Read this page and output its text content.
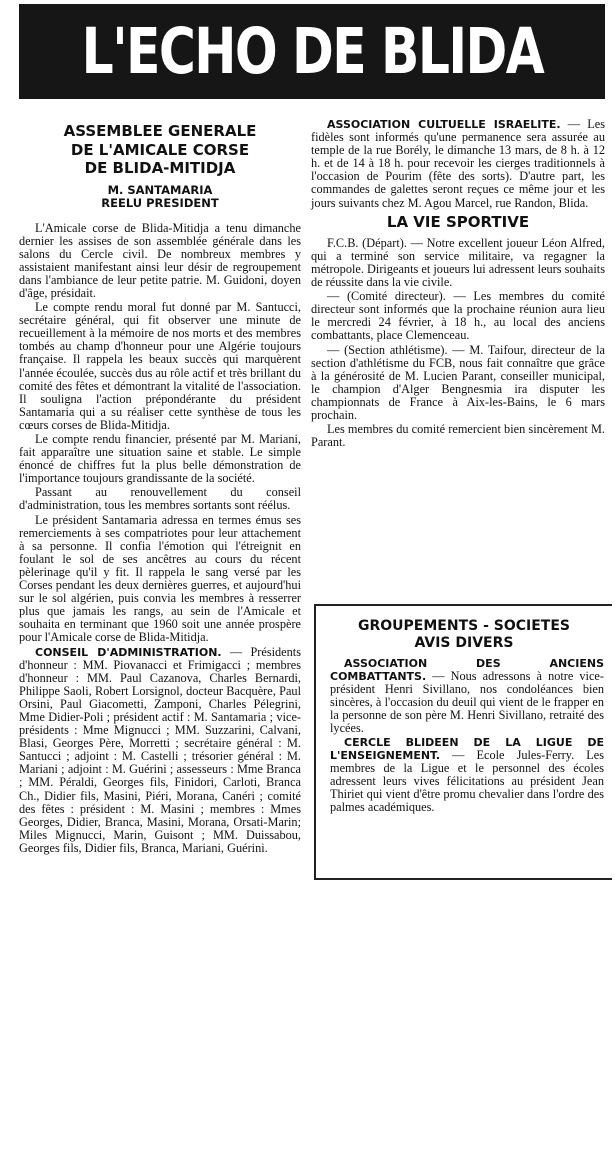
L'ECHO DE BLIDA
ASSEMBLEE GENERALE
DE L'AMICALE CORSE
DE BLIDA-MITIDJA
M. SANTAMARIA
REELU PRESIDENT

L'Amicale corse de Blida-Mitidja a tenu dimanche dernier les assises de son assemblée générale dans les salons du Cercle civil. De nombreux membres y assistaient manifestant ainsi leur désir de regroupement dans l'ambiance de leur petite patrie. M. Guidoni, doyen d'âge, présidait.

Le compte rendu moral fut donné par M. Santucci, secrétaire général, qui fit observer une minute de recueillement à la mémoire de nos morts et des membres tombés au champ d'honneur pour une Algérie toujours française. Il rappela les beaux succès qui marquèrent l'année écoulée, succès dus au rôle actif et très brillant du comité des fêtes et démontrant la vitalité de l'association. Il souligna l'action prépondérante du président Santamaria qui a su réaliser cette synthèse de tous les cœurs corses de Blida-Mitidja.

Le compte rendu financier, présenté par M. Mariani, fait apparaître une situation saine et stable. Le simple énoncé de chiffres fut la plus belle démonstration de l'importance toujours grandissante de la société.

Passant au renouvellement du conseil d'administration, tous les membres sortants sont réélus.

Le président Santamaria adressa en termes émus ses remerciements à ses compatriotes pour leur attachement à sa personne. Il confia l'émotion qui l'étreignit en foulant le sol de ses ancêtres au cours du récent pèlerinage qu'il y fit. Il rappela le sang versé par les Corses pendant les deux dernières guerres, et aujourd'hui sur le sol algérien, puis convia les membres à resserrer plus que jamais les rangs, au sein de l'Amicale et souhaita en terminant que 1960 soit une année prospère pour l'Amicale corse de Blida-Mitidja.

CONSEIL D'ADMINISTRATION. — Présidents d'honneur : MM. Piovanacci et Frimigacci ; membres d'honneur : MM. Paul Cazanova, Charles Bernardi, Philippe Saoli, Robert Lorsignol, docteur Bacquère, Paul Orsini, Paul Giacometti, Zamponi, Charles Pélegrini, Mme Didier-Poli ; président actif : M. Santamaria ; vice-présidents : Mme Mignucci ; MM. Suzzarini, Calvani, Blasi, Georges Père, Morretti ; secrétaire général : M. Santucci ; adjoint : M. Castelli ; trésorier général : M. Mariani ; adjoint : M. Guérini ; assesseurs : Mme Branca ; MM. Péraldi, Georges fils, Finidori, Carloti, Branca Ch., Didier fils, Masini, Piéri, Morana, Canéri ; comité des fêtes : président : M. Masini ; membres : Mmes Georges, Didier, Branca, Masini, Morana, Orsati-Marin; Miles Mignucci, Marin, Guisont ; MM. Duissabou, Georges fils, Didier fils, Branca, Mariani, Guérini.

ASSOCIATION CULTUELLE ISRAELITE. — Les fidèles sont informés qu'une permanence sera assurée au temple de la rue Borély, le dimanche 13 mars, de 8 h. à 12 h. et de 14 à 18 h. pour recevoir les cierges traditionnels à l'occasion de Pourim (fête des sorts). D'autre part, les commandes de galettes seront reçues ce même jour et les jours suivants chez M. Agou Marcel, rue Randon, Blida.

LA VIE SPORTIVE

F.C.B. (Départ). — Notre excellent joueur Léon Alfred, qui a terminé son service militaire, va regagner la métropole. Dirigeants et joueurs lui adressent leurs souhaits de réussite dans la vie civile.

— (Comité directeur). — Les membres du comité directeur sont informés que la prochaine réunion aura lieu le mercredi 24 février, à 18 h., au local des anciens combattants, place Clemenceau.

— (Section athlétisme). — M. Taifour, directeur de la section d'athlétisme du FCB, nous fait connaître que grâce à la générosité de M. Lucien Parant, conseiller municipal, le champion d'Alger Bengnesmia ira disputer les championnats de France à Aix-les-Bains, le 6 mars prochain.

Les membres du comité remercient bien sincèrement M. Parant.

GROUPEMENTS - SOCIETES
AVIS DIVERS

ASSOCIATION DES ANCIENS COMBATTANTS. — Nous adressons à notre vice-président Henri Sivillano, nos condoléances bien sincères, à l'occasion du deuil qui vient de le frapper en la personne de son père M. Henri Sivillano, retraité des lycées.

CERCLE BLIDEEN DE LA LIGUE DE L'ENSEIGNEMENT. — Ecole Jules-Ferry. Les membres de la Ligue et le personnel des écoles adressent leurs vives félicitations au président Jean Thiriet qui vient d'être promu chevalier dans l'ordre des palmes académiques.
